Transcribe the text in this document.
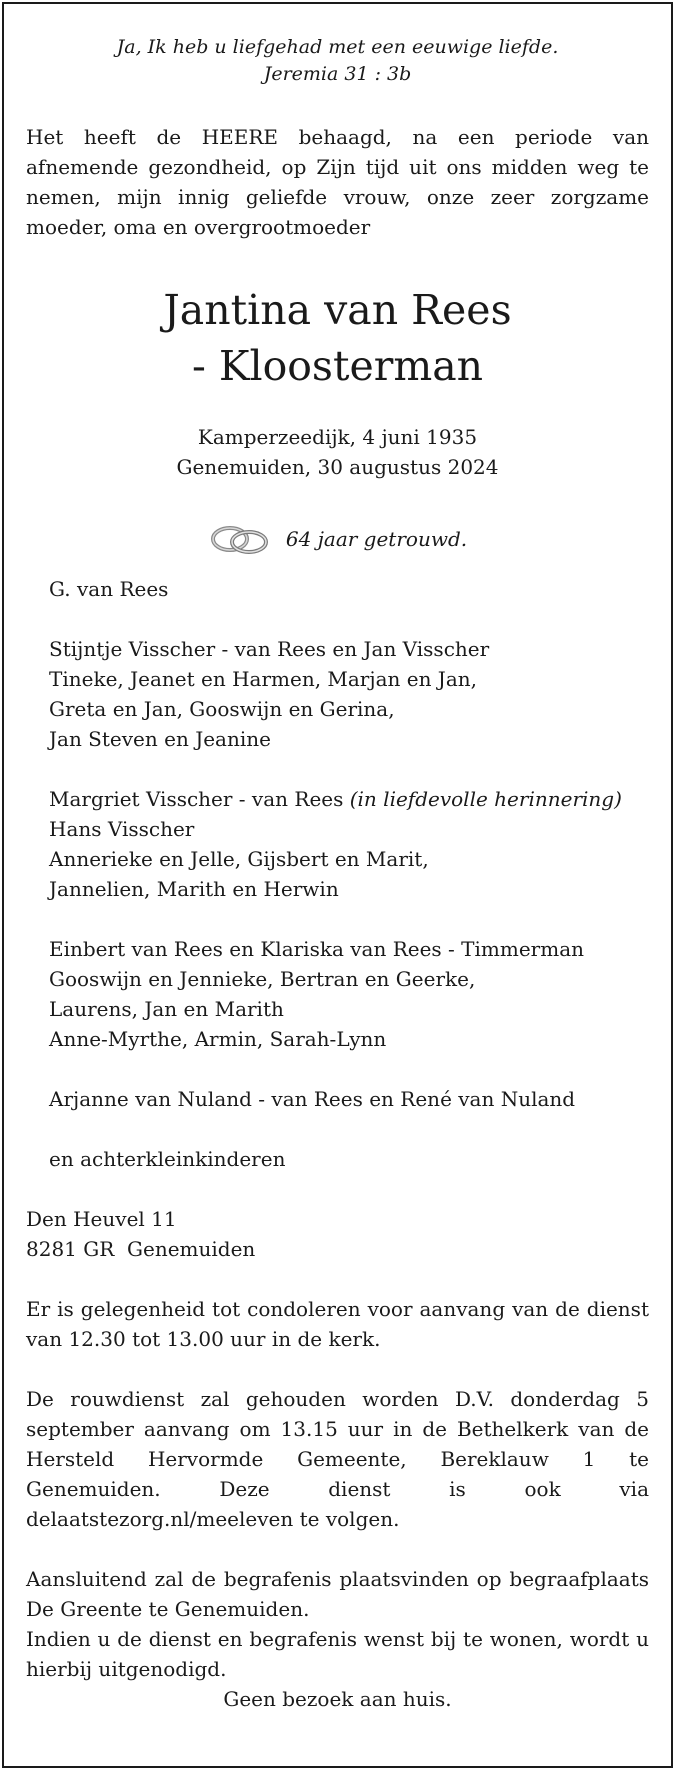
Ja, Ik heb u liefgehad met een eeuwige liefde.
Jeremia 31 : 3b

Het heeft de HEERE behaagd, na een periode van afnemende gezondheid, op Zijn tijd uit ons midden weg te nemen, mijn innig geliefde vrouw, onze zeer zorgzame moeder, oma en overgrootmoeder

Jantina van Rees
- Kloosterman

Kamperzeedijk, 4 juni 1935
Genemuiden, 30 augustus 2024

64 jaar getrouwd.
G. van Rees
Stijntje Visscher - van Rees en Jan Visscher
Tineke, Jeanet en Harmen, Marjan en Jan,
Greta en Jan, Gooswijn en Gerina,
Jan Steven en Jeanine
Margriet Visscher - van Rees (in liefdevolle herinnering)
Hans Visscher
Annerieke en Jelle, Gijsbert en Marit,
Jannelien, Marith en Herwin
Einbert van Rees en Klariska van Rees - Timmerman
Gooswijn en Jennieke, Bertran en Geerke,
Laurens, Jan en Marith
Anne-Myrthe, Armin, Sarah-Lynn
Arjanne van Nuland - van Rees en René van Nuland
en achterkleinkinderen
Den Heuvel 11
8281 GR  Genemuiden
Er is gelegenheid tot condoleren voor aanvang van de dienst van 12.30 tot 13.00 uur in de kerk.
De rouwdienst zal gehouden worden D.V. donderdag 5 september aanvang om 13.15 uur in de Bethelkerk van de Hersteld Hervormde Gemeente, Bereklauw 1 te Genemuiden. Deze dienst is ook via delaatstezorg.nl/meeleven te volgen.
Aansluitend zal de begrafenis plaatsvinden op begraafplaats De Greente te Genemuiden.
Indien u de dienst en begrafenis wenst bij te wonen, wordt u hierbij uitgenodigd.

Geen bezoek aan huis.
